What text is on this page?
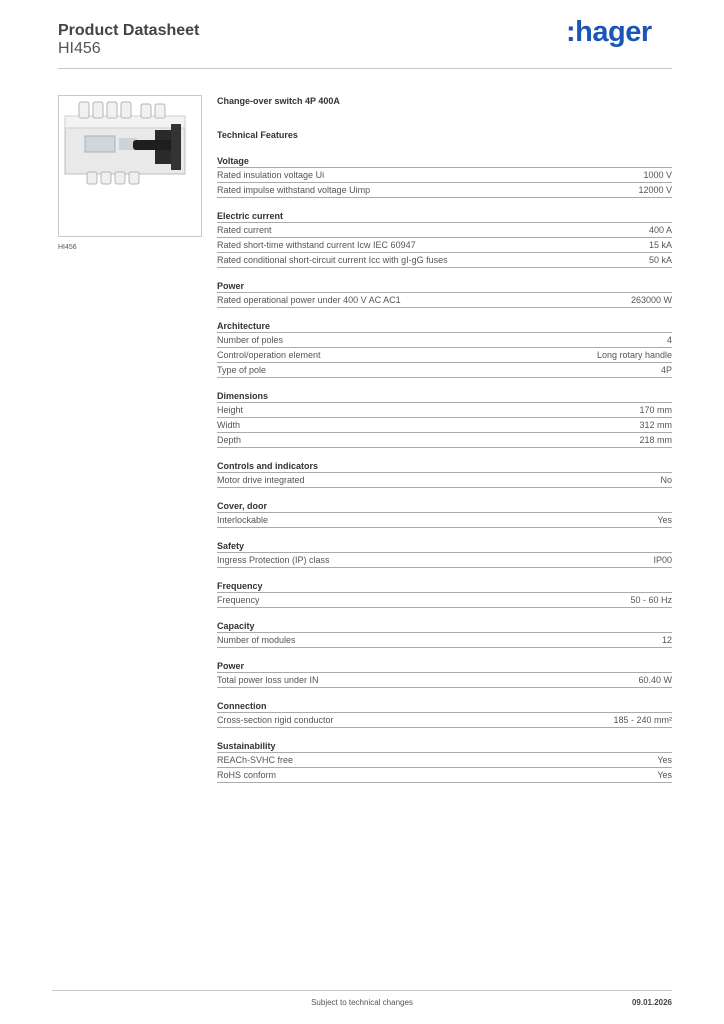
Product Datasheet
HI456
:hager
HI456
Change-over switch 4P 400A
Technical Features
Voltage
Rated insulation voltage Ui	1000 V
Rated impulse withstand voltage Uimp	12000 V
Electric current
Rated current	400 A
Rated short-time withstand current Icw IEC 60947	15 kA
Rated conditional short-circuit current Icc with gI-gG fuses	50 kA
Power
Rated operational power under 400 V AC AC1	263000 W
Architecture
Number of poles	4
Control/operation element	Long rotary handle
Type of pole	4P
Dimensions
Height	170 mm
Width	312 mm
Depth	218 mm
Controls and indicators
Motor drive integrated	No
Cover, door
Interlockable	Yes
Safety
Ingress Protection (IP) class	IP00
Frequency
Frequency	50 - 60 Hz
Capacity
Number of modules	12
Power
Total power loss under IN	60.40 W
Connection
Cross-section rigid conductor	185 - 240 mm²
Sustainability
REACh-SVHC free	Yes
RoHS conform	Yes
Subject to technical changes	09.01.2026
